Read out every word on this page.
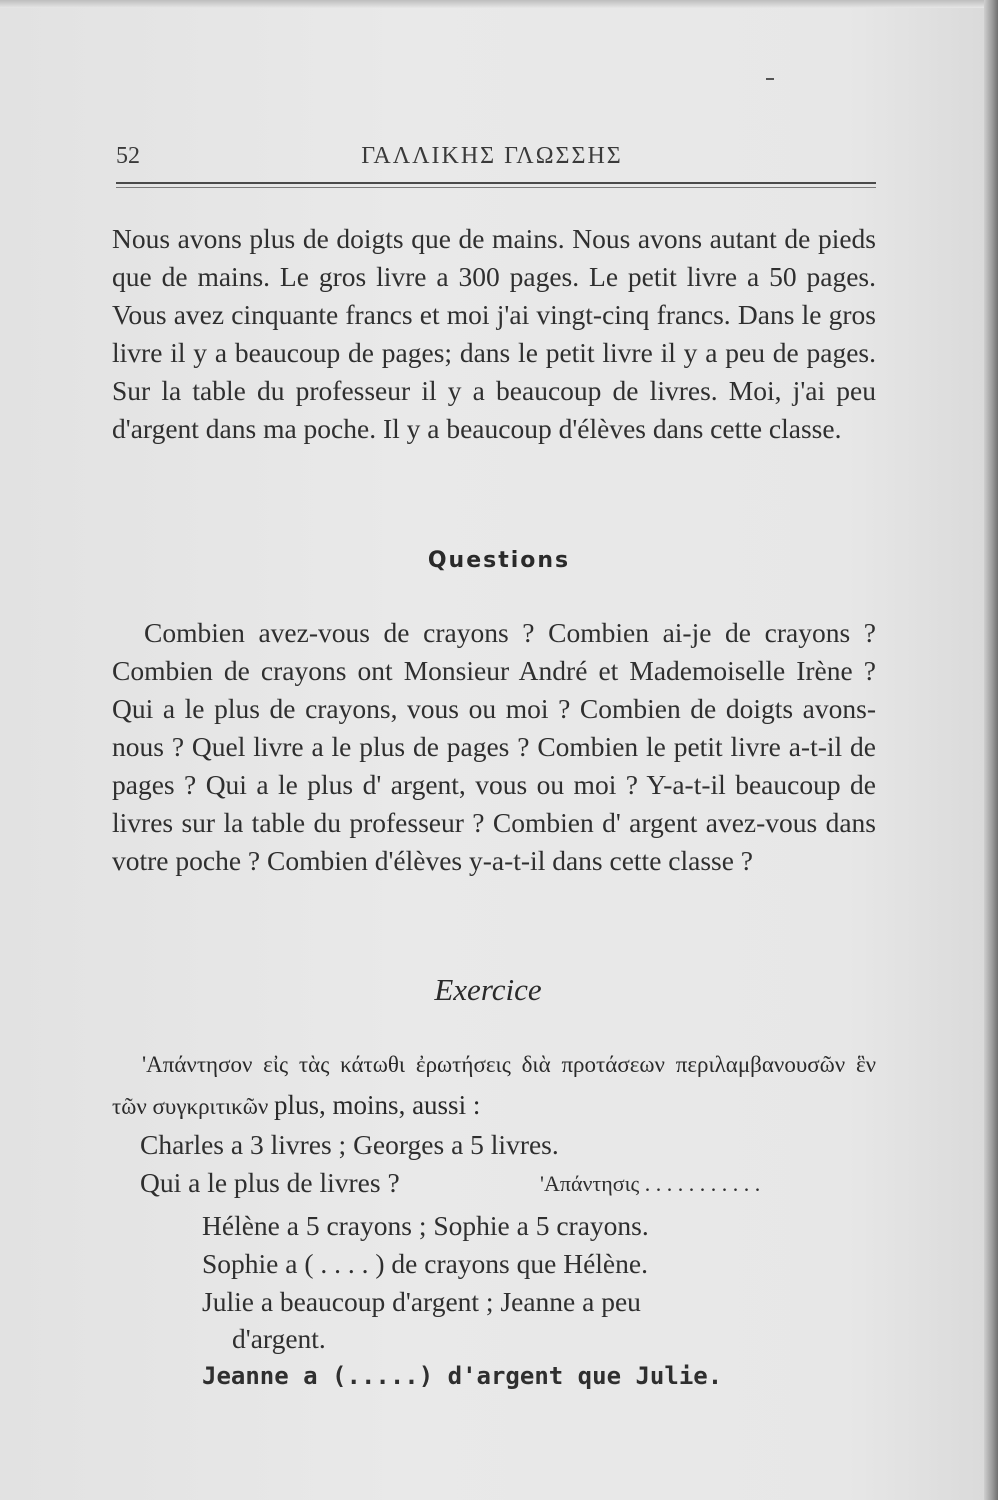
52	ΓΑΛΛΙΚΗΣ ΓΛΩΣΣΗΣ
Nous avons plus de doigts que de mains. Nous avons autant de pieds que de mains. Le gros livre a 300 pages. Le petit livre a 50 pages. Vous avez cinquante francs et moi j'ai vingt-cinq francs. Dans le gros livre il y a beaucoup de pages; dans le petit livre il y a peu de pages. Sur la table du professeur il y a beaucoup de livres. Moi, j'ai peu d'argent dans ma poche. Il y a beaucoup d'élèves dans cette classe.
Questions
Combien avez-vous de crayons ? Combien ai-je de crayons ? Combien de crayons ont Monsieur André et Mademoiselle Irène ? Qui a le plus de crayons, vous ou moi ? Combien de doigts avons-nous ? Quel livre a le plus de pages ? Combien le petit livre a-t-il de pages ? Qui a le plus d' argent, vous ou moi ? Y-a-t-il beaucoup de livres sur la table du professeur ? Combien d' argent avez-vous dans votre poche ? Combien d'élèves y-a-t-il dans cette classe ?
Exercice
'Απάντησον εἰς τὰς κάτωθι ἐρωτήσεις διὰ προτάσεων περιλαμβανουσῶν ἓν τῶν συγκριτικῶν plus, moins, aussi :
Charles a 3 livres ; Georges a 5 livres.
Qui a le plus de livres ?	'Απάντησις . . . . . . . . . . .
Hélène a 5 crayons ; Sophie a 5 crayons.
Sophie a ( . . . . ) de crayons que Hélène.
Julie a beaucoup d'argent ; Jeanne a peu
d'argent.
Jeanne a (.....) d'argent que Julie.
